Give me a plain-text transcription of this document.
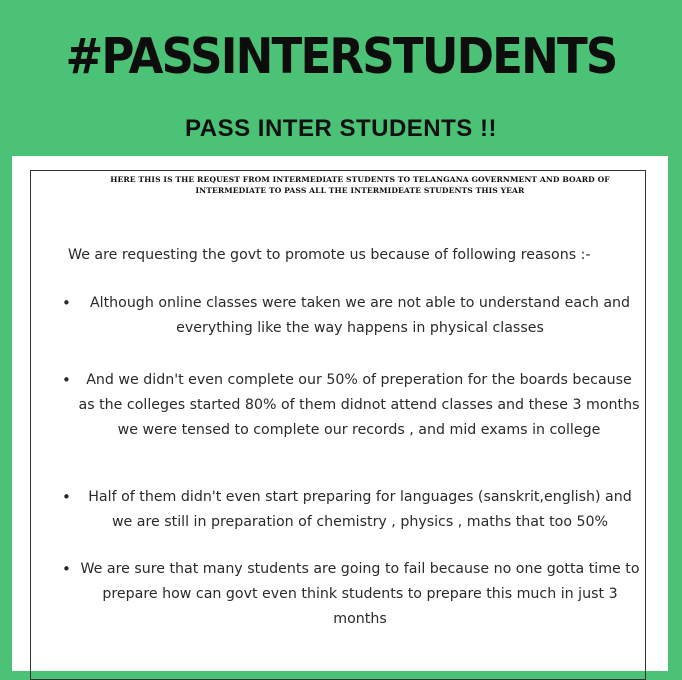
#PASSINTERSTUDENTS
PASS INTER STUDENTS !!
HERE THIS IS THE REQUEST FROM INTERMEDIATE STUDENTS TO TELANGANA GOVERNMENT AND BOARD OF INTERMEDIATE TO PASS ALL THE INTERMIDEATE STUDENTS THIS YEAR
We are requesting the govt to promote us because of following reasons :-
•	Although online classes were taken we are not able to understand each and everything like the way happens in physical classes
•	And we didn't even complete our 50% of preperation for the boards because as the colleges started 80% of them didnot attend classes and these 3 months we were tensed to complete our records , and mid exams in college
•	Half of them didn't even start preparing for languages (sanskrit,english) and we are still in preparation of chemistry , physics , maths that too 50%
• We are sure that many students are going to fail because no one gotta time to prepare how can govt even think students to prepare this much in just 3 months
